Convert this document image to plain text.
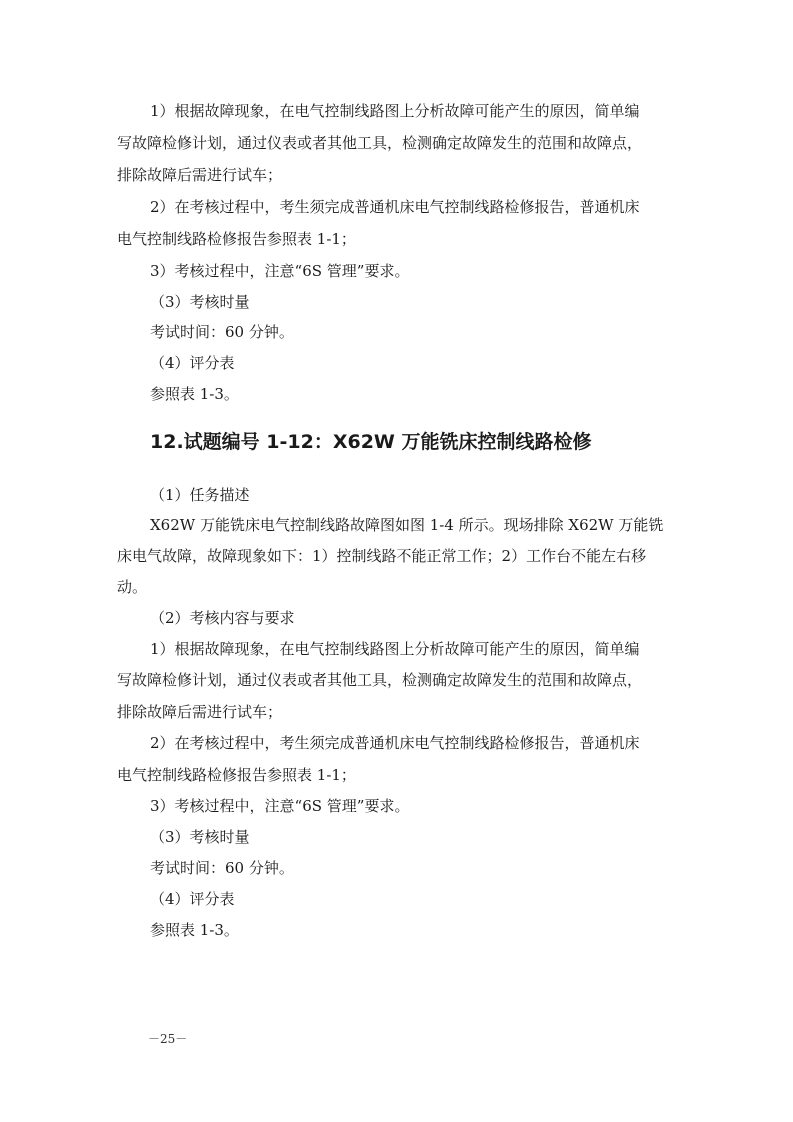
1）根据故障现象，在电气控制线路图上分析故障可能产生的原因，简单编
写故障检修计划，通过仪表或者其他工具，检测确定故障发生的范围和故障点，
排除故障后需进行试车；
2）在考核过程中，考生须完成普通机床电气控制线路检修报告，普通机床
电气控制线路检修报告参照表 1-1；
3）考核过程中，注意“6S 管理”要求。
（3）考核时量
考试时间：60 分钟。
（4）评分表
参照表 1-3。
12.试题编号 1-12：X62W 万能铣床控制线路检修
（1）任务描述
X62W 万能铣床电气控制线路故障图如图 1-4 所示。现场排除 X62W 万能铣
床电气故障，故障现象如下：1）控制线路不能正常工作；2）工作台不能左右移
动。
（2）考核内容与要求
1）根据故障现象，在电气控制线路图上分析故障可能产生的原因，简单编
写故障检修计划，通过仪表或者其他工具，检测确定故障发生的范围和故障点，
排除故障后需进行试车；
2）在考核过程中，考生须完成普通机床电气控制线路检修报告，普通机床
电气控制线路检修报告参照表 1-1；
3）考核过程中，注意“6S 管理”要求。
（3）考核时量
考试时间：60 分钟。
（4）评分表
参照表 1-3。
－25－
